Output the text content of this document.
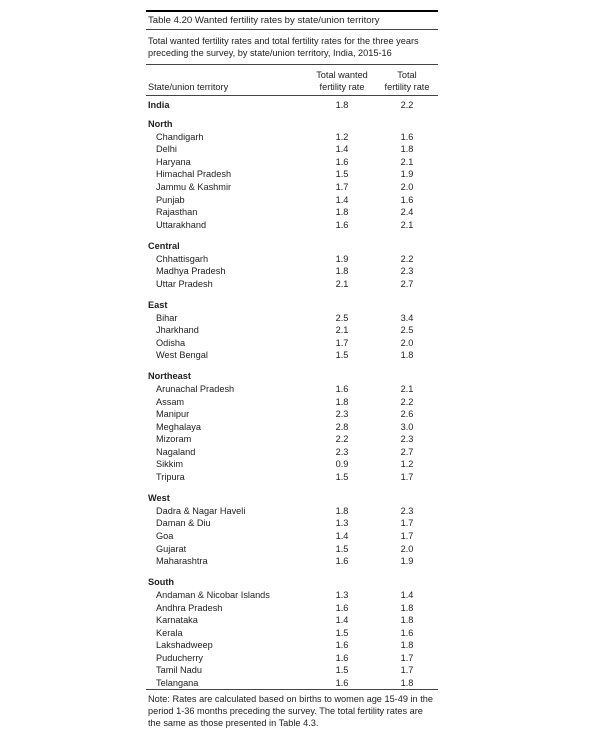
Table 4.20 Wanted fertility rates by state/union territory
Total wanted fertility rates and total fertility rates for the three years preceding the survey, by state/union territory, India, 2015-16
State/union territory
Total wanted
fertility rate
Total
fertility rate
India	1.8	2.2
North
Chandigarh	1.2	1.6
Delhi	1.4	1.8
Haryana	1.6	2.1
Himachal Pradesh	1.5	1.9
Jammu & Kashmir	1.7	2.0
Punjab	1.4	1.6
Rajasthan	1.8	2.4
Uttarakhand	1.6	2.1
Central
Chhattisgarh	1.9	2.2
Madhya Pradesh	1.8	2.3
Uttar Pradesh	2.1	2.7
East
Bihar	2.5	3.4
Jharkhand	2.1	2.5
Odisha	1.7	2.0
West Bengal	1.5	1.8
Northeast
Arunachal Pradesh	1.6	2.1
Assam	1.8	2.2
Manipur	2.3	2.6
Meghalaya	2.8	3.0
Mizoram	2.2	2.3
Nagaland	2.3	2.7
Sikkim	0.9	1.2
Tripura	1.5	1.7
West
Dadra & Nagar Haveli	1.8	2.3
Daman & Diu	1.3	1.7
Goa	1.4	1.7
Gujarat	1.5	2.0
Maharashtra	1.6	1.9
South
Andaman & Nicobar Islands	1.3	1.4
Andhra Pradesh	1.6	1.8
Karnataka	1.4	1.8
Kerala	1.5	1.6
Lakshadweep	1.6	1.8
Puducherry	1.6	1.7
Tamil Nadu	1.5	1.7
Telangana	1.6	1.8
Note: Rates are calculated based on births to women age 15-49 in the period 1-36 months preceding the survey. The total fertility rates are the same as those presented in Table 4.3.
